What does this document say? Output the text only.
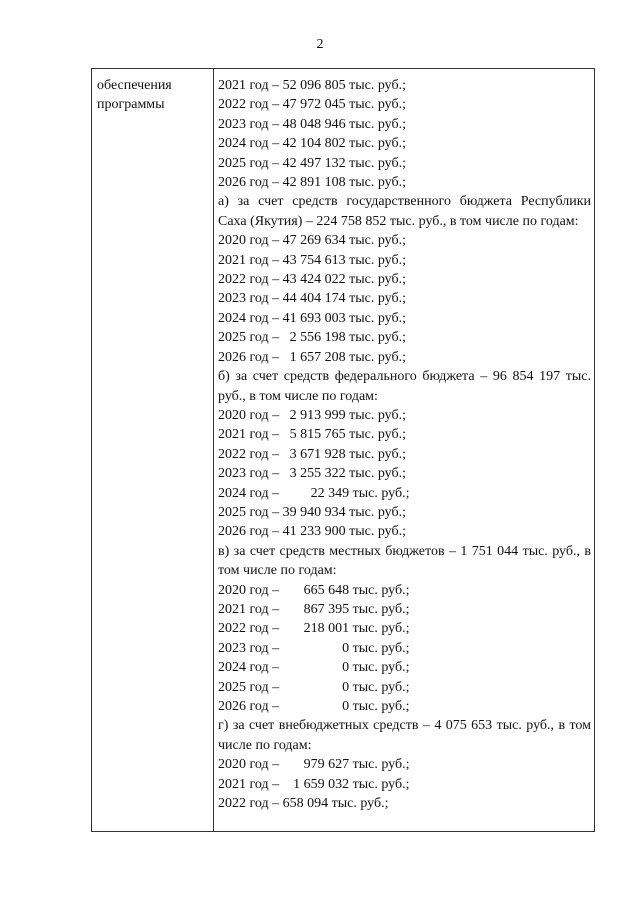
2
обеспечения
программы
2021 год – 52 096 805 тыс. руб.;
2022 год – 47 972 045 тыс. руб.;
2023 год – 48 048 946 тыс. руб.;
2024 год – 42 104 802 тыс. руб.;
2025 год – 42 497 132 тыс. руб.;
2026 год – 42 891 108 тыс. руб.;
а) за счет средств государственного бюджета Республики Саха (Якутия) – 224 758 852 тыс. руб., в том числе по годам:
2020 год – 47 269 634 тыс. руб.;
2021 год – 43 754 613 тыс. руб.;
2022 год – 43 424 022 тыс. руб.;
2023 год – 44 404 174 тыс. руб.;
2024 год – 41 693 003 тыс. руб.;
2025 год –   2 556 198 тыс. руб.;
2026 год –   1 657 208 тыс. руб.;
б) за счет средств федерального бюджета – 96 854 197 тыс. руб., в том числе по годам:
2020 год –   2 913 999 тыс. руб.;
2021 год –   5 815 765 тыс. руб.;
2022 год –   3 671 928 тыс. руб.;
2023 год –   3 255 322 тыс. руб.;
2024 год –         22 349 тыс. руб.;
2025 год – 39 940 934 тыс. руб.;
2026 год – 41 233 900 тыс. руб.;
в) за счет средств местных бюджетов – 1 751 044 тыс. руб., в том числе по годам:
2020 год –       665 648 тыс. руб.;
2021 год –       867 395 тыс. руб.;
2022 год –       218 001 тыс. руб.;
2023 год –                  0 тыс. руб.;
2024 год –                  0 тыс. руб.;
2025 год –                  0 тыс. руб.;
2026 год –                  0 тыс. руб.;
г) за счет внебюджетных средств – 4 075 653 тыс. руб., в том числе по годам:
2020 год –       979 627 тыс. руб.;
2021 год –    1 659 032 тыс. руб.;
2022 год – 658 094 тыс. руб.;
